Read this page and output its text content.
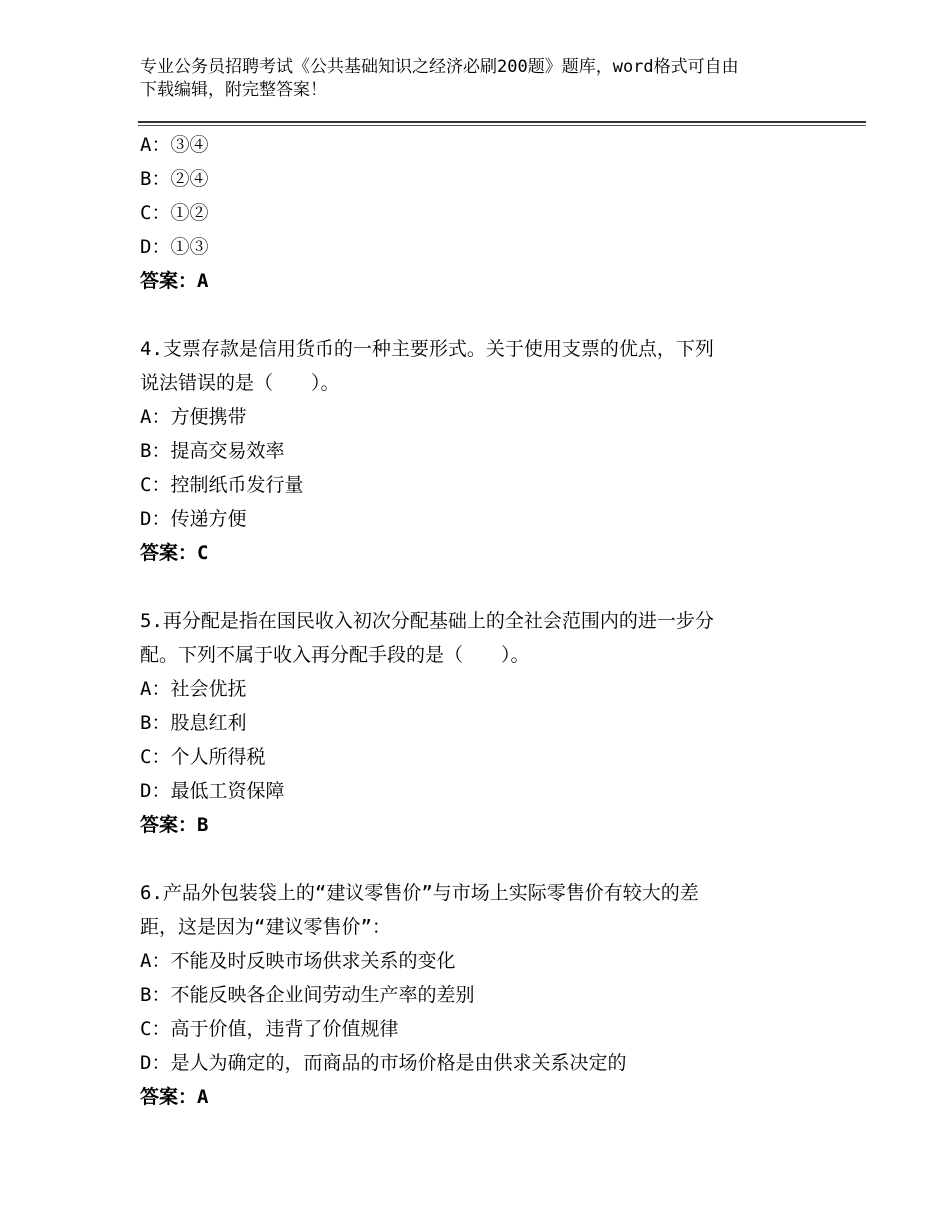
专业公务员招聘考试《公共基础知识之经济必刷200题》题库，word格式可自由
下载编辑，附完整答案！
A：③④
B：②④
C：①②
D：①③
答案：A
4.支票存款是信用货币的一种主要形式。关于使用支票的优点，下列
说法错误的是（　　）。
A：方便携带
B：提高交易效率
C：控制纸币发行量
D：传递方便
答案：C
5.再分配是指在国民收入初次分配基础上的全社会范围内的进一步分
配。下列不属于收入再分配手段的是（　　）。
A：社会优抚
B：股息红利
C：个人所得税
D：最低工资保障
答案：B
6.产品外包装袋上的“建议零售价”与市场上实际零售价有较大的差
距，这是因为“建议零售价”：
A：不能及时反映市场供求关系的变化
B：不能反映各企业间劳动生产率的差别
C：高于价值，违背了价值规律
D：是人为确定的，而商品的市场价格是由供求关系决定的
答案：A
